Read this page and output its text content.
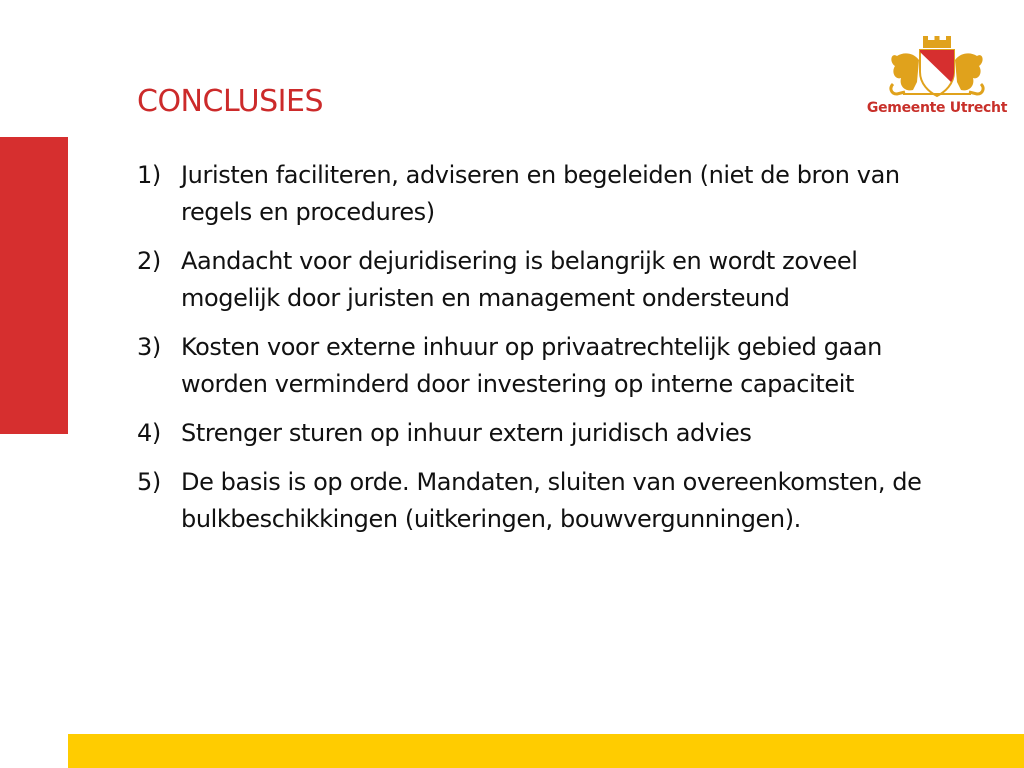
CONCLUSIES	Gemeente Utrecht
1) Juristen faciliteren, adviseren en begeleiden (niet de bron van regels en procedures)
2) Aandacht voor dejuridisering is belangrijk en wordt zoveel mogelijk door juristen en management ondersteund
3) Kosten voor externe inhuur op privaatrechtelijk gebied gaan worden verminderd door investering op interne capaciteit
4) Strenger sturen op inhuur extern juridisch advies
5) De basis is op orde. Mandaten, sluiten van overeenkomsten, de bulkbeschikkingen (uitkeringen, bouwvergunningen).
